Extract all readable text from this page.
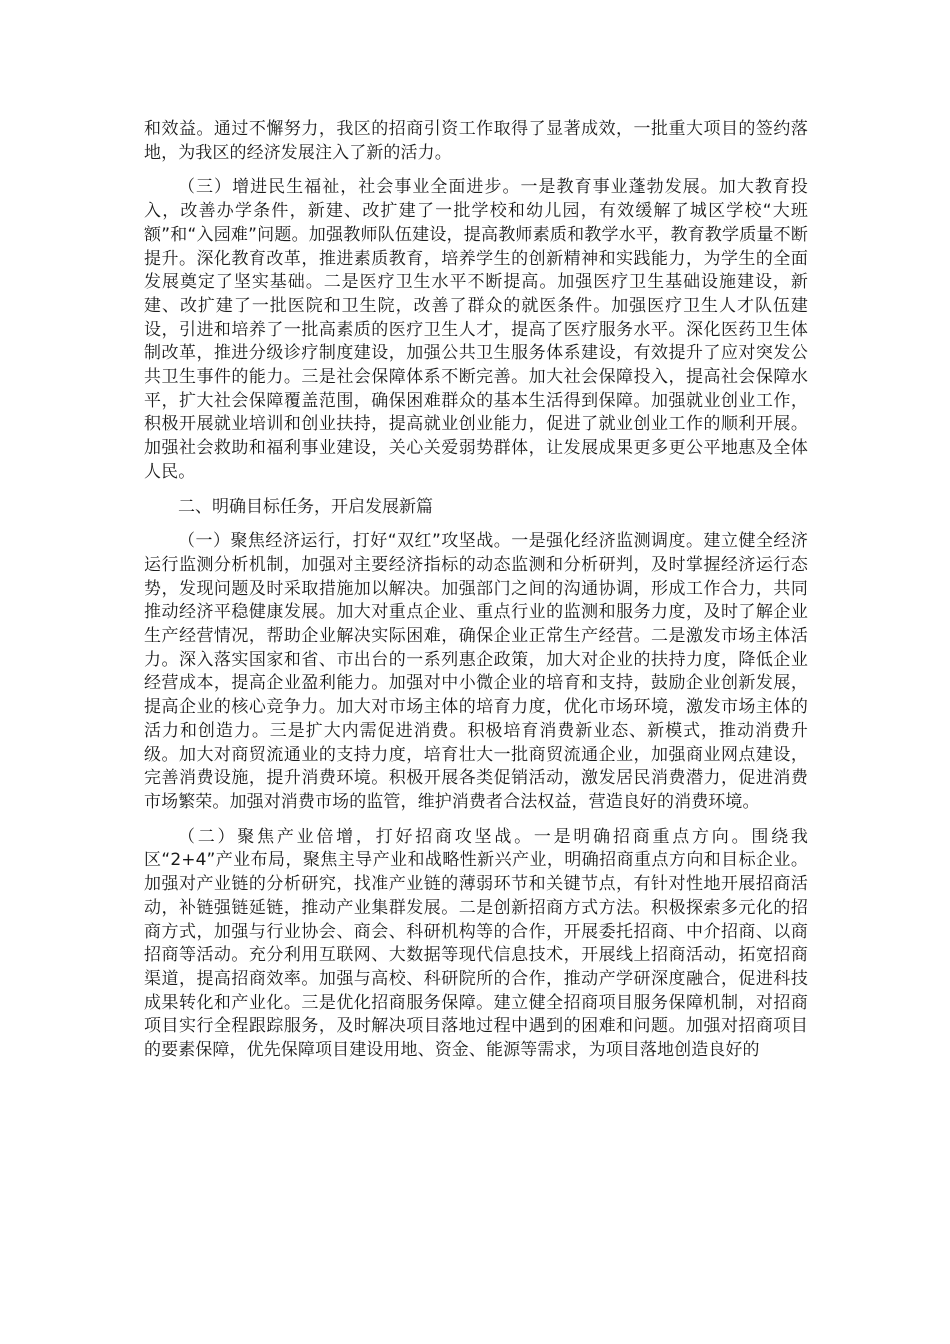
和效益。通过不懈努力，我区的招商引资工作取得了显著成效，一批重大项目的签约落地，为我区的经济发展注入了新的活力。

（三）增进民生福祉，社会事业全面进步。一是教育事业蓬勃发展。加大教育投入，改善办学条件，新建、改扩建了一批学校和幼儿园，有效缓解了城区学校“大班额”和“入园难”问题。加强教师队伍建设，提高教师素质和教学水平，教育教学质量不断提升。深化教育改革，推进素质教育，培养学生的创新精神和实践能力，为学生的全面发展奠定了坚实基础。二是医疗卫生水平不断提高。加强医疗卫生基础设施建设，新建、改扩建了一批医院和卫生院，改善了群众的就医条件。加强医疗卫生人才队伍建设，引进和培养了一批高素质的医疗卫生人才，提高了医疗服务水平。深化医药卫生体制改革，推进分级诊疗制度建设，加强公共卫生服务体系建设，有效提升了应对突发公共卫生事件的能力。三是社会保障体系不断完善。加大社会保障投入，提高社会保障水平，扩大社会保障覆盖范围，确保困难群众的基本生活得到保障。加强就业创业工作，积极开展就业培训和创业扶持，提高就业创业能力，促进了就业创业工作的顺利开展。加强社会救助和福利事业建设，关心关爱弱势群体，让发展成果更多更公平地惠及全体人民。

二、明确目标任务，开启发展新篇

（一）聚焦经济运行，打好“双红”攻坚战。一是强化经济监测调度。建立健全经济运行监测分析机制，加强对主要经济指标的动态监测和分析研判，及时掌握经济运行态势，发现问题及时采取措施加以解决。加强部门之间的沟通协调，形成工作合力，共同推动经济平稳健康发展。加大对重点企业、重点行业的监测和服务力度，及时了解企业生产经营情况，帮助企业解决实际困难，确保企业正常生产经营。二是激发市场主体活力。深入落实国家和省、市出台的一系列惠企政策，加大对企业的扶持力度，降低企业经营成本，提高企业盈利能力。加强对中小微企业的培育和支持，鼓励企业创新发展，提高企业的核心竞争力。加大对市场主体的培育力度，优化市场环境，激发市场主体的活力和创造力。三是扩大内需促进消费。积极培育消费新业态、新模式，推动消费升级。加大对商贸流通业的支持力度，培育壮大一批商贸流通企业，加强商业网点建设，完善消费设施，提升消费环境。积极开展各类促销活动，激发居民消费潜力，促进消费市场繁荣。加强对消费市场的监管，维护消费者合法权益，营造良好的消费环境。

（二）聚焦产业倍增，打好招商攻坚战。一是明确招商重点方向。围绕我区“2+4”产业布局，聚焦主导产业和战略性新兴产业，明确招商重点方向和目标企业。加强对产业链的分析研究，找准产业链的薄弱环节和关键节点，有针对性地开展招商活动，补链强链延链，推动产业集群发展。二是创新招商方式方法。积极探索多元化的招商方式，加强与行业协会、商会、科研机构等的合作，开展委托招商、中介招商、以商招商等活动。充分利用互联网、大数据等现代信息技术，开展线上招商活动，拓宽招商渠道，提高招商效率。加强与高校、科研院所的合作，推动产学研深度融合，促进科技成果转化和产业化。三是优化招商服务保障。建立健全招商项目服务保障机制，对招商项目实行全程跟踪服务，及时解决项目落地过程中遇到的困难和问题。加强对招商项目的要素保障，优先保障项目建设用地、资金、能源等需求，为项目落地创造良好的
